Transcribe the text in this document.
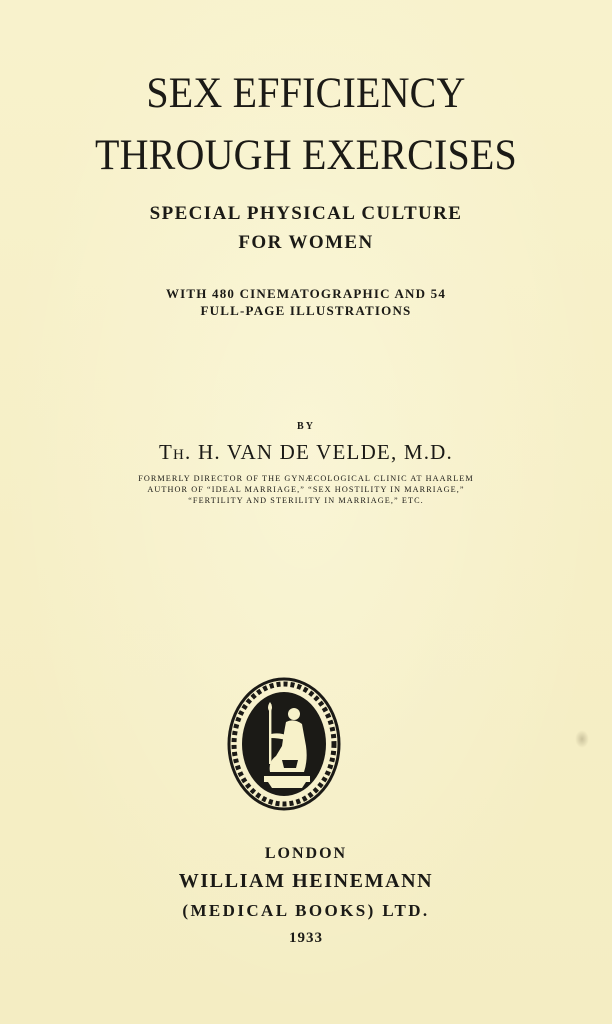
SEX EFFICIENCY
THROUGH EXERCISES

SPECIAL PHYSICAL CULTURE

FOR WOMEN

WITH 480 CINEMATOGRAPHIC AND 54

FULL-PAGE ILLUSTRATIONS

BY

Th. H. VAN DE VELDE, M.D.

FORMERLY DIRECTOR OF THE GYNÆCOLOGICAL CLINIC AT HAARLEM

AUTHOR OF “IDEAL MARRIAGE,” “SEX HOSTILITY IN MARRIAGE,”

“FERTILITY AND STERILITY IN MARRIAGE,” ETC.

LONDON

WILLIAM HEINEMANN

(MEDICAL BOOKS) LTD.

1933
